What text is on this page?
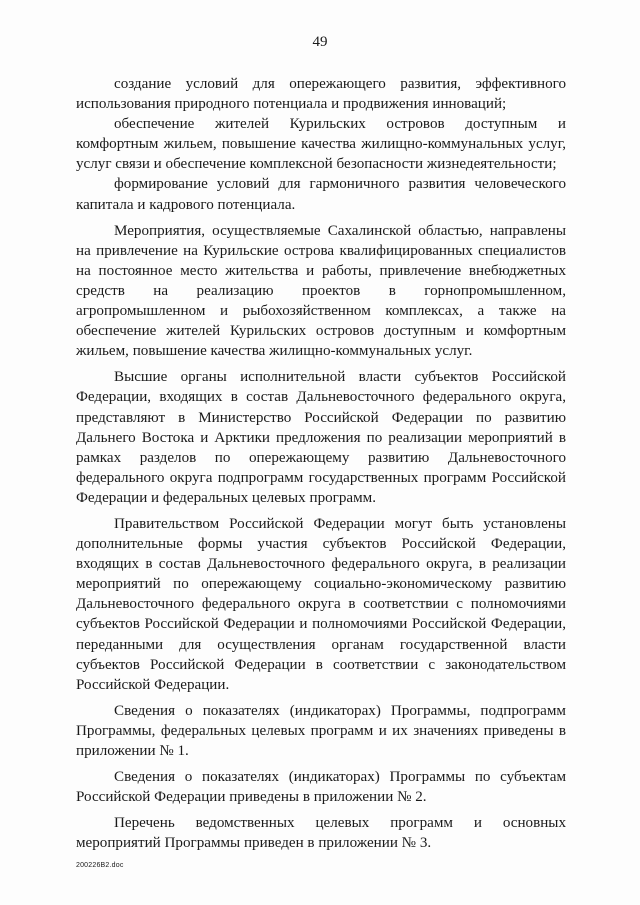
49

создание условий для опережающего развития, эффективного использования природного потенциала и продвижения инноваций;

обеспечение жителей Курильских островов доступным и комфортным жильем, повышение качества жилищно-коммунальных услуг, услуг связи и обеспечение комплексной безопасности жизнедеятельности;

формирование условий для гармоничного развития человеческого капитала и кадрового потенциала.

Мероприятия, осуществляемые Сахалинской областью, направлены на привлечение на Курильские острова квалифицированных специалистов на постоянное место жительства и работы, привлечение внебюджетных средств на реализацию проектов в горнопромышленном, агропромышленном и рыбохозяйственном комплексах, а также на обеспечение жителей Курильских островов доступным и комфортным жильем, повышение качества жилищно-коммунальных услуг.

Высшие органы исполнительной власти субъектов Российской Федерации, входящих в состав Дальневосточного федерального округа, представляют в Министерство Российской Федерации по развитию Дальнего Востока и Арктики предложения по реализации мероприятий в рамках разделов по опережающему развитию Дальневосточного федерального округа подпрограмм государственных программ Российской Федерации и федеральных целевых программ.

Правительством Российской Федерации могут быть установлены дополнительные формы участия субъектов Российской Федерации, входящих в состав Дальневосточного федерального округа, в реализации мероприятий по опережающему социально-экономическому развитию Дальневосточного федерального округа в соответствии с полномочиями субъектов Российской Федерации и полномочиями Российской Федерации, переданными для осуществления органам государственной власти субъектов Российской Федерации в соответствии с законодательством Российской Федерации.

Сведения о показателях (индикаторах) Программы, подпрограмм Программы, федеральных целевых программ и их значениях приведены в приложении № 1.

Сведения о показателях (индикаторах) Программы по субъектам Российской Федерации приведены в приложении № 2.

Перечень ведомственных целевых программ и основных мероприятий Программы приведен в приложении № 3.

200226B2.doc
